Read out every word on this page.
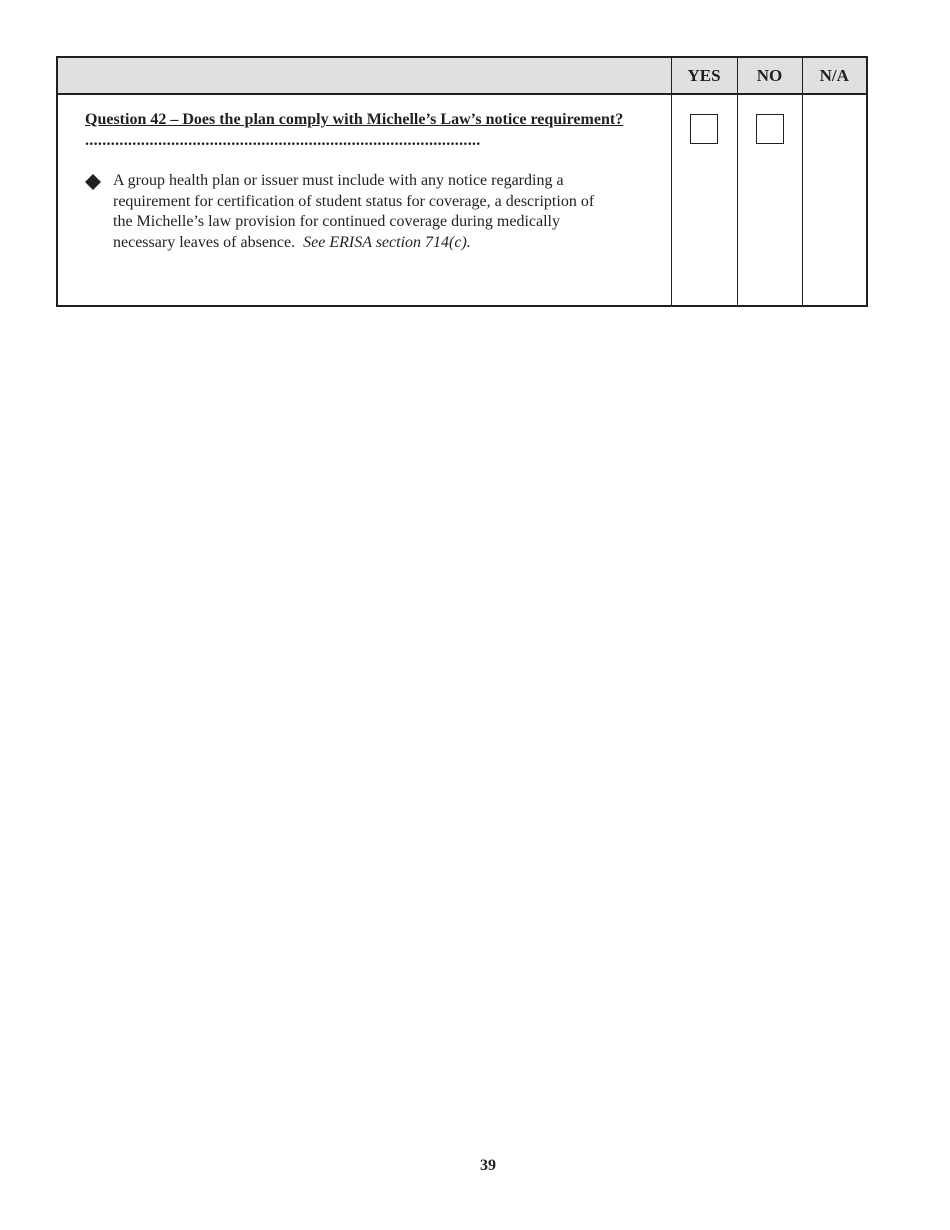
	YES	NO	N/A

Question 42 – Does the plan comply with Michelle’s Law’s notice requirement? ............................................................................................

A group health plan or issuer must include with any notice regarding a requirement for certification of student status for coverage, a description of the Michelle’s law provision for continued coverage during medically necessary leaves of absence. See ERISA section 714(c).			

39
